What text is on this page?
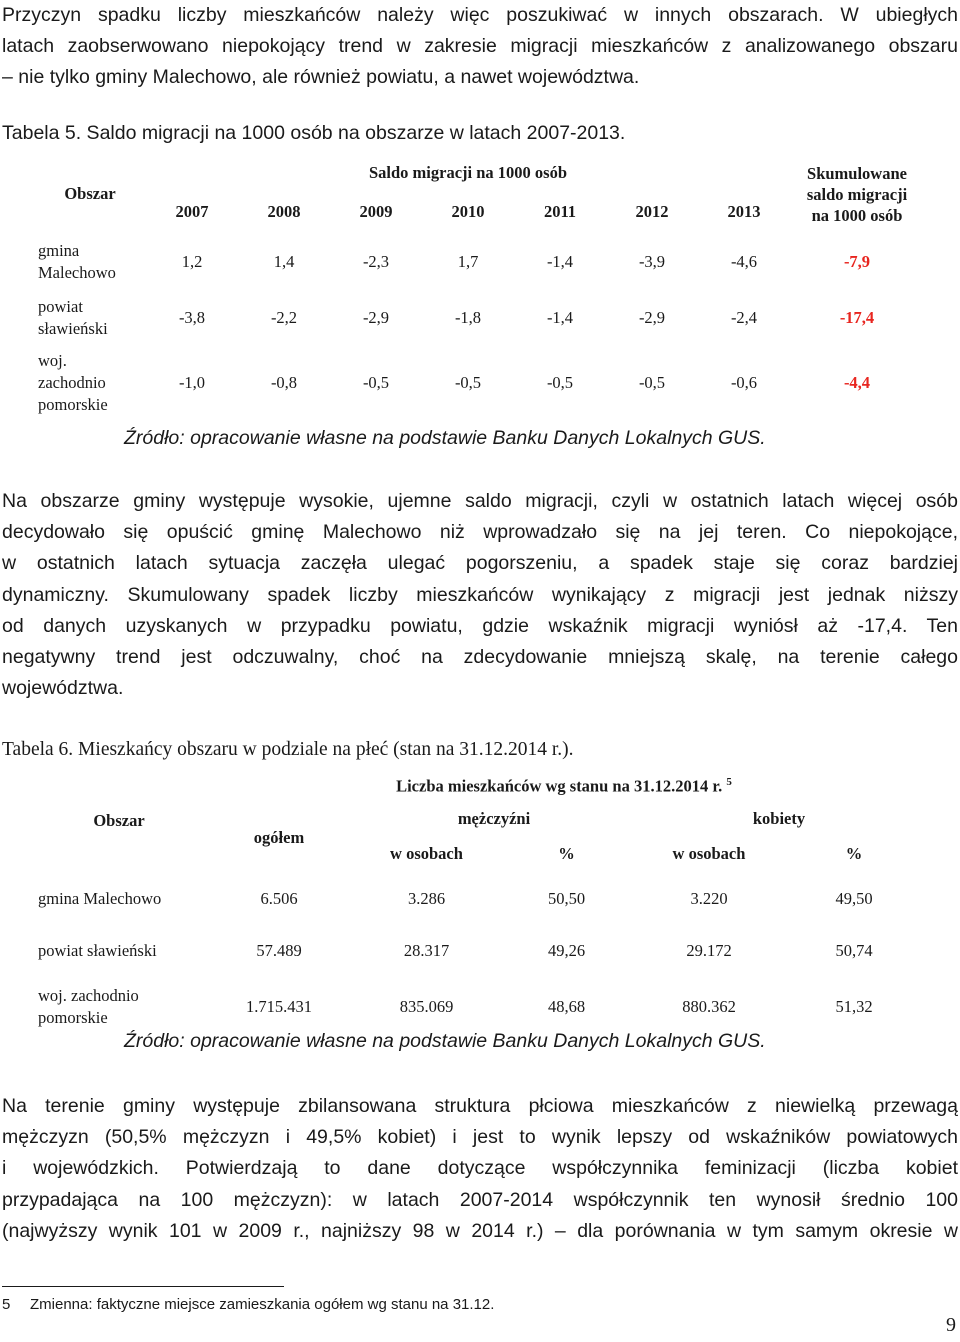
Przyczyn spadku liczby mieszkańców należy więc poszukiwać w innych obszarach. W ubiegłych
latach zaobserwowano niepokojący trend w zakresie migracji mieszkańców z analizowanego obszaru
– nie tylko gminy Malechowo, ale również powiatu, a nawet województwa.
Tabela 5. Saldo migracji na 1000 osób na obszarze w latach 2007-2013.
Obszar	Saldo migracji na 1000 osób							Skumulowane
saldo migracji
na 1000 osób

	2007	2008	2009	2010	2011	2012	2013	

gmina
Malechowo	1,2	1,4	-2,3	1,7	-1,4	-3,9	-4,6	-7,9

powiat
sławieński	-3,8	-2,2	-2,9	-1,8	-1,4	-2,9	-2,4	-17,4

woj.
zachodnio
pomorskie	-1,0	-0,8	-0,5	-0,5	-0,5	-0,5	-0,6	-4,4
Źródło: opracowanie własne na podstawie Banku Danych Lokalnych GUS.
Na obszarze gminy występuje wysokie, ujemne saldo migracji, czyli w ostatnich latach więcej osób
decydowało się opuścić gminę Malechowo niż wprowadzało się na jej teren. Co niepokojące,
w ostatnich latach sytuacja zaczęła ulegać pogorszeniu, a spadek staje się coraz bardziej
dynamiczny. Skumulowany spadek liczby mieszkańców wynikający z migracji jest jednak niższy
od danych uzyskanych w przypadku powiatu, gdzie wskaźnik migracji wyniósł aż -17,4. Ten
negatywny trend jest odczuwalny, choć na zdecydowanie mniejszą skalę, na terenie całego
województwa.
Tabela 6. Mieszkańcy obszaru w podziale na płeć (stan na 31.12.2014 r.).
Obszar	Liczba mieszkańców wg stanu na 31.12.2014 r. $^5$
	ogółem	mężczyźni		kobiety	
		w osobach	%	w osobach	%
gmina Malechowo	6.506	3.286	50,50	3.220	49,50
powiat sławieński	57.489	28.317	49,26	29.172	50,74

woj. zachodnio
pomorskie	1.715.431	835.069	48,68	880.362	51,32
Źródło: opracowanie własne na podstawie Banku Danych Lokalnych GUS.
Na terenie gminy występuje zbilansowana struktura płciowa mieszkańców z niewielką przewagą
mężczyzn (50,5% mężczyzn i 49,5% kobiet) i jest to wynik lepszy od wskaźników powiatowych
i wojewódzkich. Potwierdzają to dane dotyczące współczynnika feminizacji (liczba kobiet
przypadająca na 100 mężczyzn): w latach 2007-2014 współczynnik ten wynosił średnio 100
(najwyższy wynik 101 w 2009 r., najniższy 98 w 2014 r.) – dla porównania w tym samym okresie w
5 Zmienna: faktyczne miejsce zamieszkania ogółem wg stanu na 31.12.
9
